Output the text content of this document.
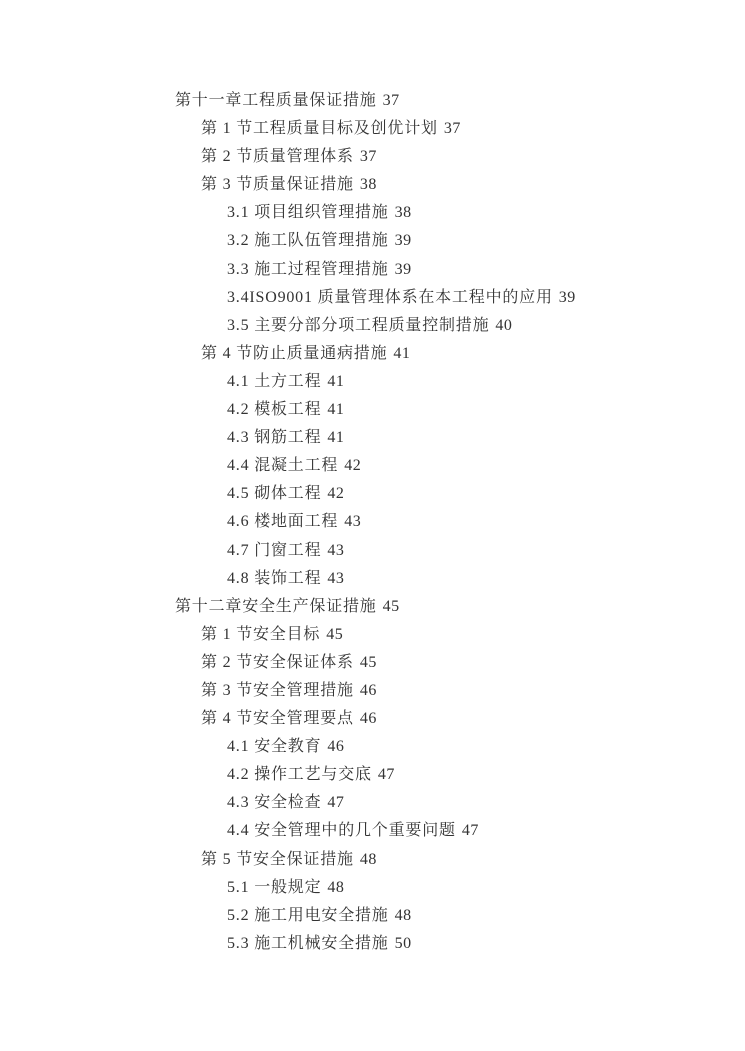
第十一章工程质量保证措施 37
第 1 节工程质量目标及创优计划 37
第 2 节质量管理体系 37
第 3 节质量保证措施 38
3.1 项目组织管理措施 38
3.2 施工队伍管理措施 39
3.3 施工过程管理措施 39
3.4ISO9001 质量管理体系在本工程中的应用 39
3.5 主要分部分项工程质量控制措施 40
第 4 节防止质量通病措施 41
4.1 土方工程 41
4.2 模板工程 41
4.3 钢筋工程 41
4.4 混凝土工程 42
4.5 砌体工程 42
4.6 楼地面工程 43
4.7 门窗工程 43
4.8 装饰工程 43
第十二章安全生产保证措施 45
第 1 节安全目标 45
第 2 节安全保证体系 45
第 3 节安全管理措施 46
第 4 节安全管理要点 46
4.1 安全教育 46
4.2 操作工艺与交底 47
4.3 安全检查 47
4.4 安全管理中的几个重要问题 47
第 5 节安全保证措施 48
5.1 一般规定 48
5.2 施工用电安全措施 48
5.3 施工机械安全措施 50
